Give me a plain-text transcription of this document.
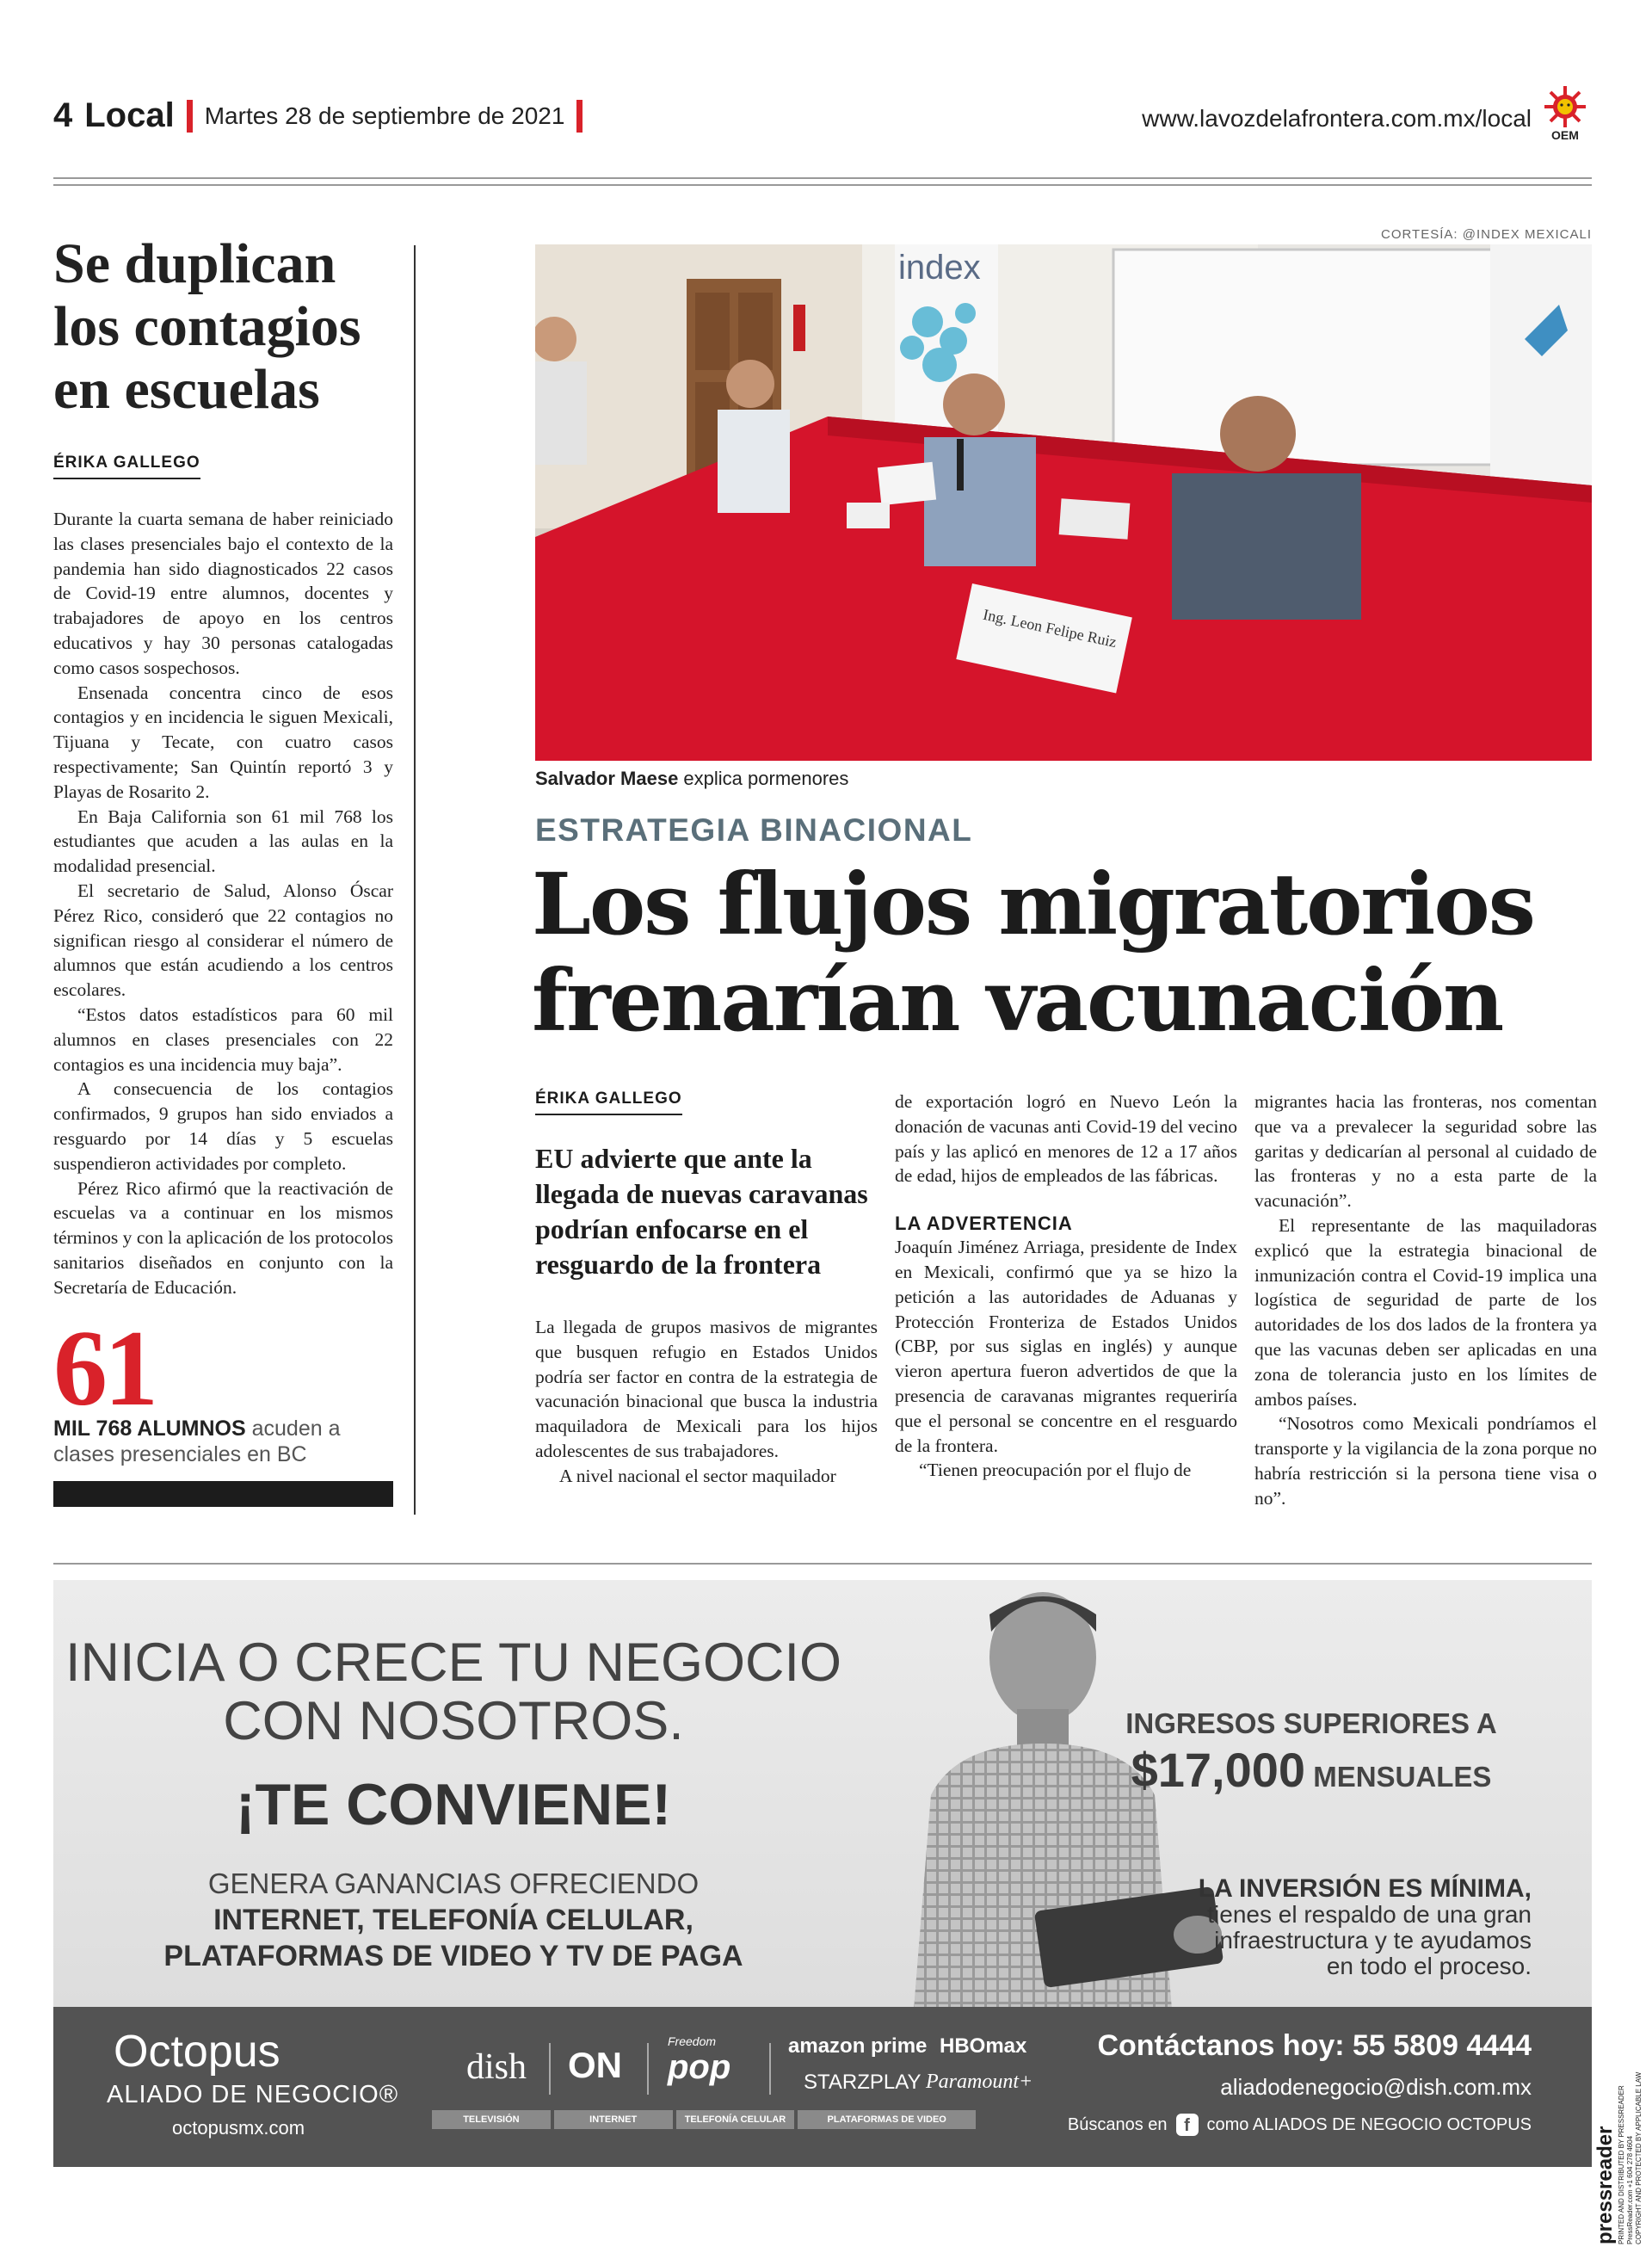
4 Local Martes 28 de septiembre de 2021	www.lavozdelafrontera.com.mx/local
OEM
Se duplican los contagios en escuelas
ÉRIKA GALLEGO

Durante la cuarta semana de haber reiniciado las clases presenciales bajo el contexto de la pandemia han sido diagnosticados 22 casos de Covid-19 entre alumnos, docentes y trabajadores de apoyo en los centros educativos y hay 30 personas catalogadas como casos sospechosos.

Ensenada concentra cinco de esos contagios y en incidencia le siguen Mexicali, Tijuana y Tecate, con cuatro casos respectivamente; San Quintín reportó 3 y Playas de Rosarito 2.

En Baja California son 61 mil 768 los estudiantes que acuden a las aulas en la modalidad presencial.

El secretario de Salud, Alonso Óscar Pérez Rico, consideró que 22 contagios no significan riesgo al considerar el número de alumnos que están acudiendo a los centros escolares.

“Estos datos estadísticos para 60 mil alumnos en clases presenciales con 22 contagios es una incidencia muy baja”.

A consecuencia de los contagios confirmados, 9 grupos han sido enviados a resguardo por 14 días y 5 escuelas suspendieron actividades por completo.

Pérez Rico afirmó que la reactivación de escuelas va a continuar en los mismos términos y con la aplicación de los protocolos sanitarios diseñados en conjunto con la Secretaría de Educación.

61
MIL 768 ALUMNOS acuden a clases presenciales en BC
CORTESÍA: @INDEX MEXICALI
index
Ing. Leon Felipe Ruiz
Salvador Maese explica pormenores
ESTRATEGIA BINACIONAL
Los flujos migratorios
frenarían vacunación
ÉRIKA GALLEGO
EU advierte que ante la llegada de nuevas caravanas podrían enfocarse en el resguardo de la frontera

La llegada de grupos masivos de migrantes que busquen refugio en Estados Unidos podría ser factor en contra de la estrategia de vacunación binacional que busca la industria maquiladora de Mexicali para los hijos adolescentes de sus trabajadores.

A nivel nacional el sector maquilador

de exportación logró en Nuevo León la donación de vacunas anti Covid-19 del vecino país y las aplicó en menores de 12 a 17 años de edad, hijos de empleados de las fábricas.

LA ADVERTENCIA

Joaquín Jiménez Arriaga, presidente de Index en Mexicali, confirmó que ya se hizo la petición a las autoridades de Aduanas y Protección Fronteriza de Estados Unidos (CBP, por sus siglas en inglés) y aunque vieron apertura fueron advertidos de que la presencia de caravanas migrantes requeriría que el personal se concentre en el resguardo de la frontera.

“Tienen preocupación por el flujo de

migrantes hacia las fronteras, nos comentan que va a prevalecer la seguridad sobre las garitas y dedicarían al personal al cuidado de las fronteras y no a esta parte de la vacunación”.

El representante de las maquiladoras explicó que la estrategia binacional de inmunización contra el Covid-19 implica una logística de seguridad de parte de los autoridades de los dos lados de la frontera ya que las vacunas deben ser aplicadas en una zona de tolerancia justo en los límites de ambos países.

“Nosotros como Mexicali pondríamos el transporte y la vigilancia de la zona porque no habría restricción si la persona tiene visa o no”.

INICIA O CRECE TU NEGOCIO
CON NOSOTROS.
¡TE CONVIENE!
GENERA GANANCIAS OFRECIENDO
INTERNET, TELEFONÍA CELULAR,
PLATAFORMAS DE VIDEO Y TV DE PAGA
INGRESOS SUPERIORES A
$17,000 MENSUALES
LA INVERSIÓN ES MÍNIMA,
tienes el respaldo de una gran
infraestructura y te ayudamos
en todo el proceso.
Octopus
ALIADO DE NEGOCIO®
octopusmx.com
dish ON
Freedom
pop
amazon prime HBOmax
STARZPLAY Paramount+
TELEVISIÓN	INTERNET	TELEFONÍA CELULAR	PLATAFORMAS DE VIDEO
Contáctanos hoy: 55 5809 4444
aliadodenegocio@dish.com.mx
Búscanos en f como ALIADOS DE NEGOCIO OCTOPUS
pressreader PRINTED AND DISTRIBUTED BY PRESSREADER PressReader.com +1 604 278 4604 COPYRIGHT AND PROTECTED BY APPLICABLE LAW
